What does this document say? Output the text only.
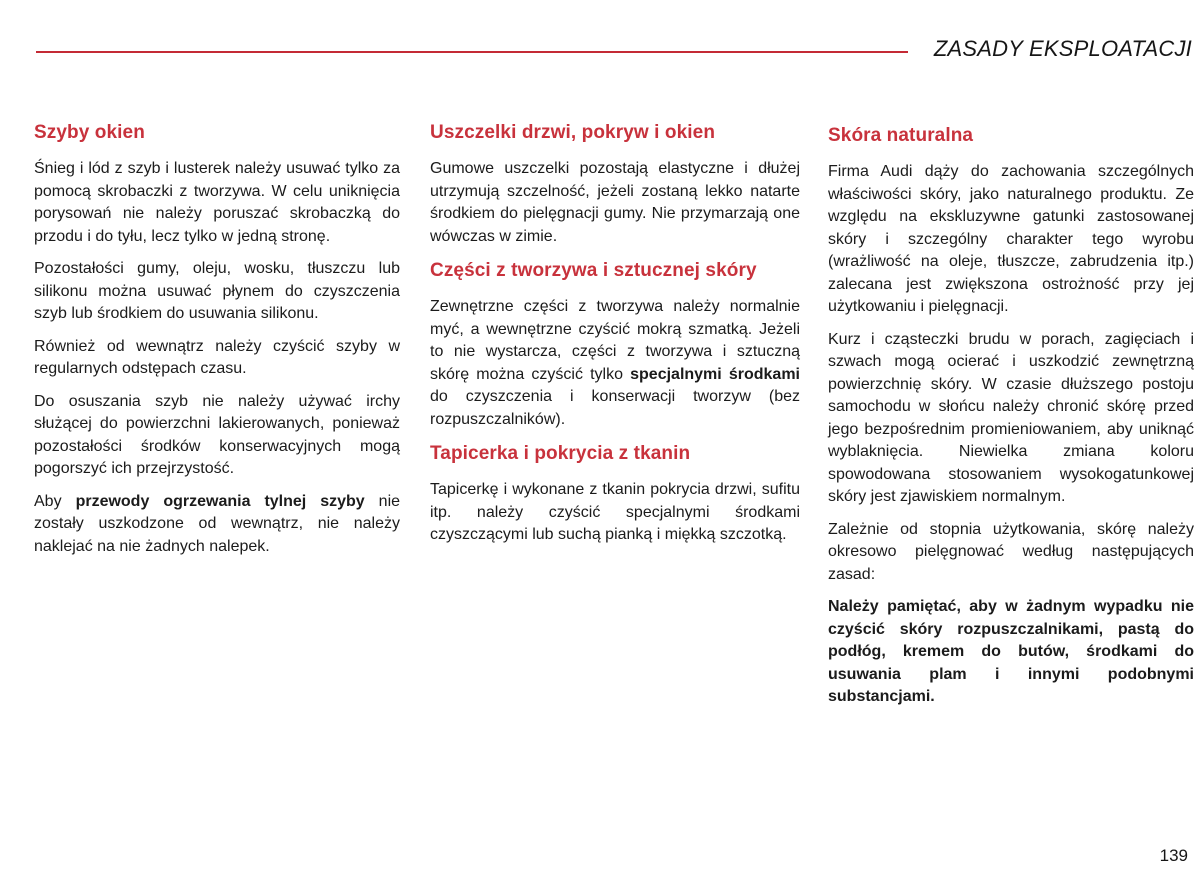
ZASADY EKSPLOATACJI
Szyby okien

Śnieg i lód z szyb i lusterek należy usuwać tylko za pomocą skrobaczki z tworzywa. W celu uniknięcia porysowań nie należy poruszać skrobaczką do przodu i do tyłu, lecz tylko w jedną stronę.

Pozostałości gumy, oleju, wosku, tłuszczu lub silikonu można usuwać płynem do czyszczenia szyb lub środkiem do usuwania silikonu.

Również od wewnątrz należy czyścić szyby w regularnych odstępach czasu.

Do osuszania szyb nie należy używać irchy służącej do powierzchni lakierowanych, ponieważ pozostałości środków konserwacyjnych mogą pogorszyć ich przejrzystość.

Aby przewody ogrzewania tylnej szyby nie zostały uszkodzone od wewnątrz, nie należy naklejać na nie żadnych nalepek.

Uszczelki drzwi, pokryw i okien

Gumowe uszczelki pozostają elastyczne i dłużej utrzymują szczelność, jeżeli zostaną lekko natarte środkiem do pielęgnacji gumy. Nie przymarzają one wówczas w zimie.

Części z tworzywa i sztucznej skóry

Zewnętrzne części z tworzywa należy normalnie myć, a wewnętrzne czyścić mokrą szmatką. Jeżeli to nie wystarcza, części z tworzywa i sztuczną skórę można czyścić tylko specjalnymi środkami do czyszczenia i konserwacji tworzyw (bez rozpuszczalników).

Tapicerka i pokrycia z tkanin

Tapicerkę i wykonane z tkanin pokrycia drzwi, sufitu itp. należy czyścić specjalnymi środkami czyszczącymi lub suchą pianką i miękką szczotką.

Skóra naturalna

Firma Audi dąży do zachowania szczególnych właściwości skóry, jako naturalnego produktu. Ze względu na ekskluzywne gatunki zastosowanej skóry i szczególny charakter tego wyrobu (wrażliwość na oleje, tłuszcze, zabrudzenia itp.) zalecana jest zwiększona ostrożność przy jej użytkowaniu i pielęgnacji.

Kurz i cząsteczki brudu w porach, zagięciach i szwach mogą ocierać i uszkodzić zewnętrzną powierzchnię skóry. W czasie dłuższego postoju samochodu w słońcu należy chronić skórę przed jego bezpośrednim promieniowaniem, aby uniknąć wyblaknięcia. Niewielka zmiana koloru spowodowana stosowaniem wysokogatunkowej skóry jest zjawiskiem normalnym.

Zależnie od stopnia użytkowania, skórę należy okresowo pielęgnować według następujących zasad:

Należy pamiętać, aby w żadnym wypadku nie czyścić skóry rozpuszczalnikami, pastą do podłóg, kremem do butów, środkami do usuwania plam i innymi podobnymi substancjami.

139
